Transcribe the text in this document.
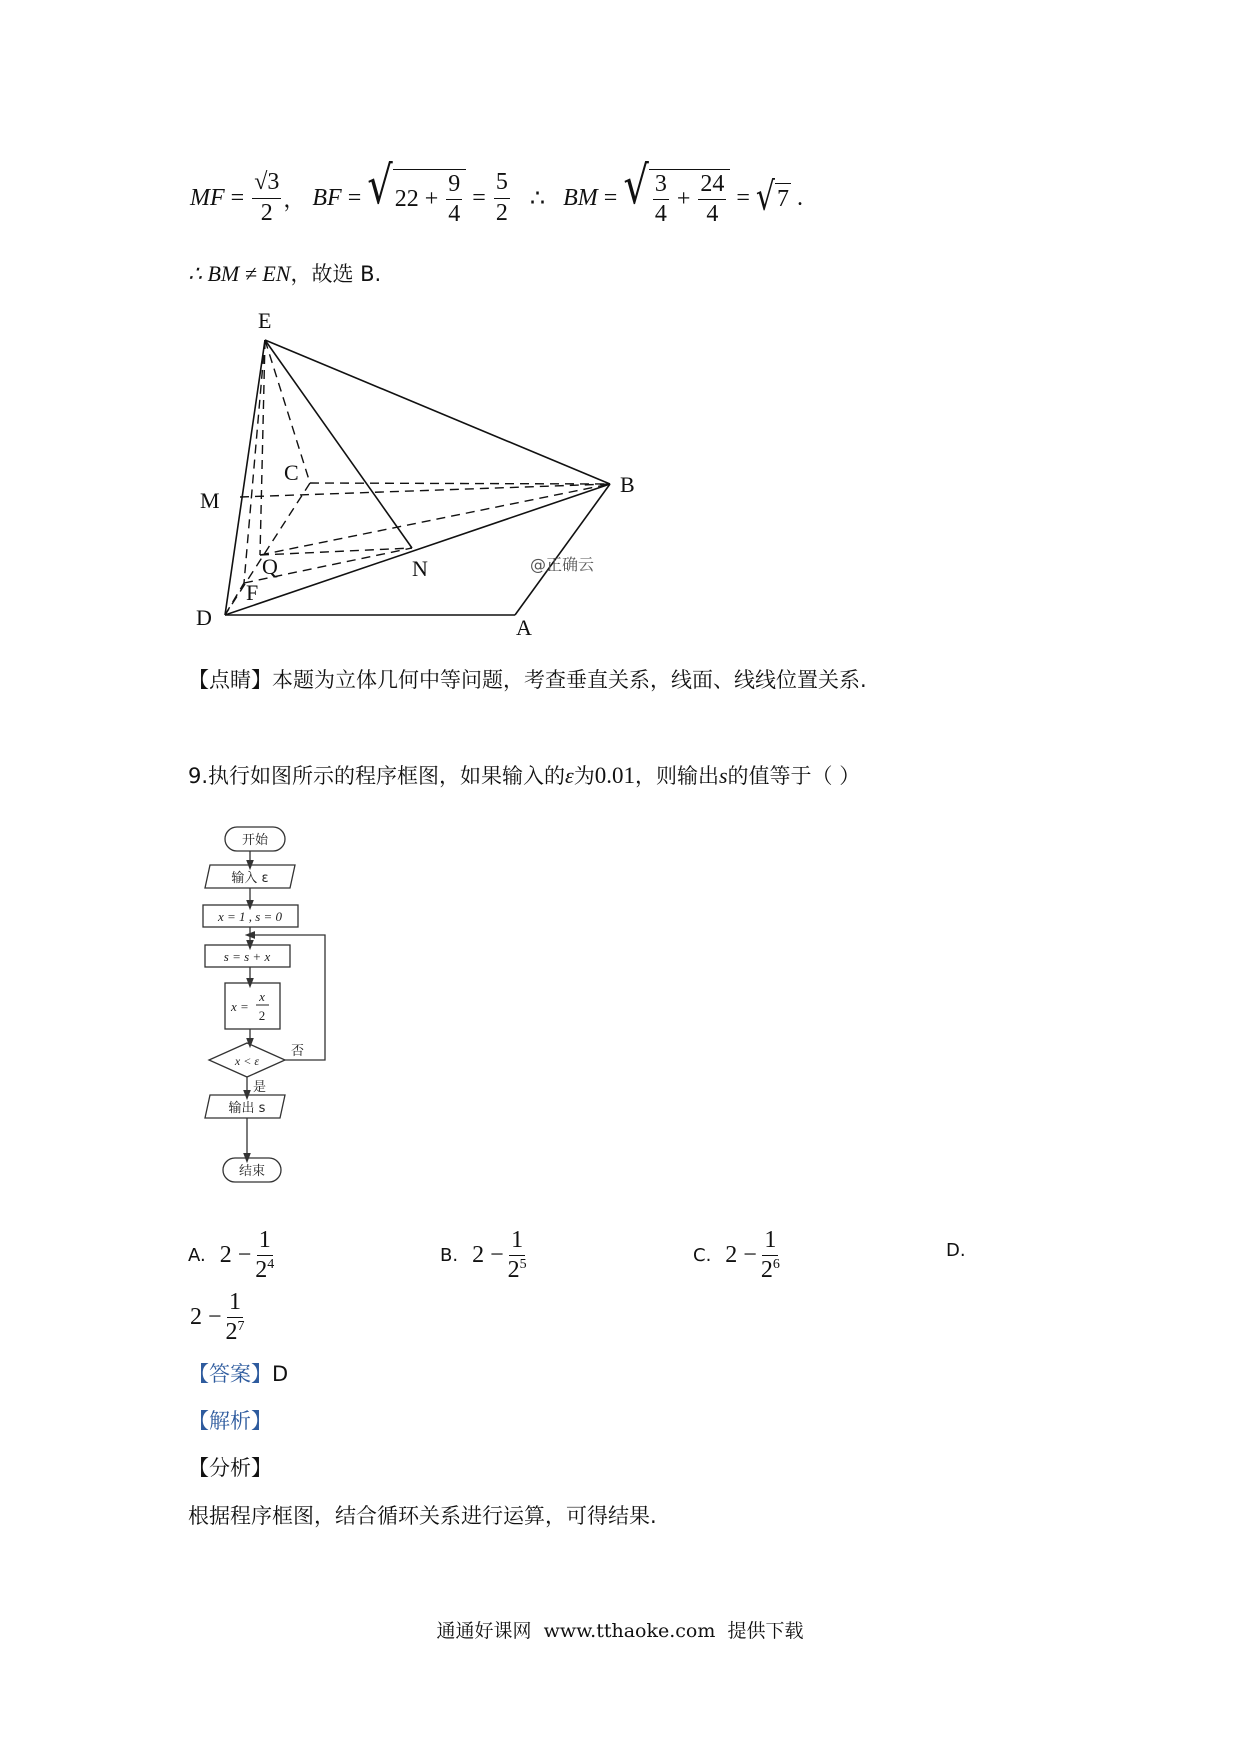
MF = $\frac{√3}{2}$ ， BF = √ 2 $2 + \frac{9}{4} = \frac{5}{2}$
∴
BM = √ $\frac{3}{4} + \frac{24}{4}$ = √ 7 .
∴ BM ≠ EN，故选 B.
E
C	B
M
Q	N
F
D	A
@正确云
【点睛】本题为立体几何中等问题，考查垂直关系，线面、线线位置关系.
9.执行如图所示的程序框图，如果输入的ε为0.01，则输出s的值等于（ ）
开始
输入 ε
x = 1 , s = 0
s = s + x
x =
x
2
x < ε
否
是
输出 s
结束
A. $2 - \frac{1}{2^4}$	B. $2 - \frac{1}{2^5}$	C. $2 - \frac{1}{2^6}$	D.
$2 - \frac{1}{2^7}$
【答案】D
【解析】
【分析】
根据程序框图，结合循环关系进行运算，可得结果.
通通好课网  www.tthaoke.com  提供下载
